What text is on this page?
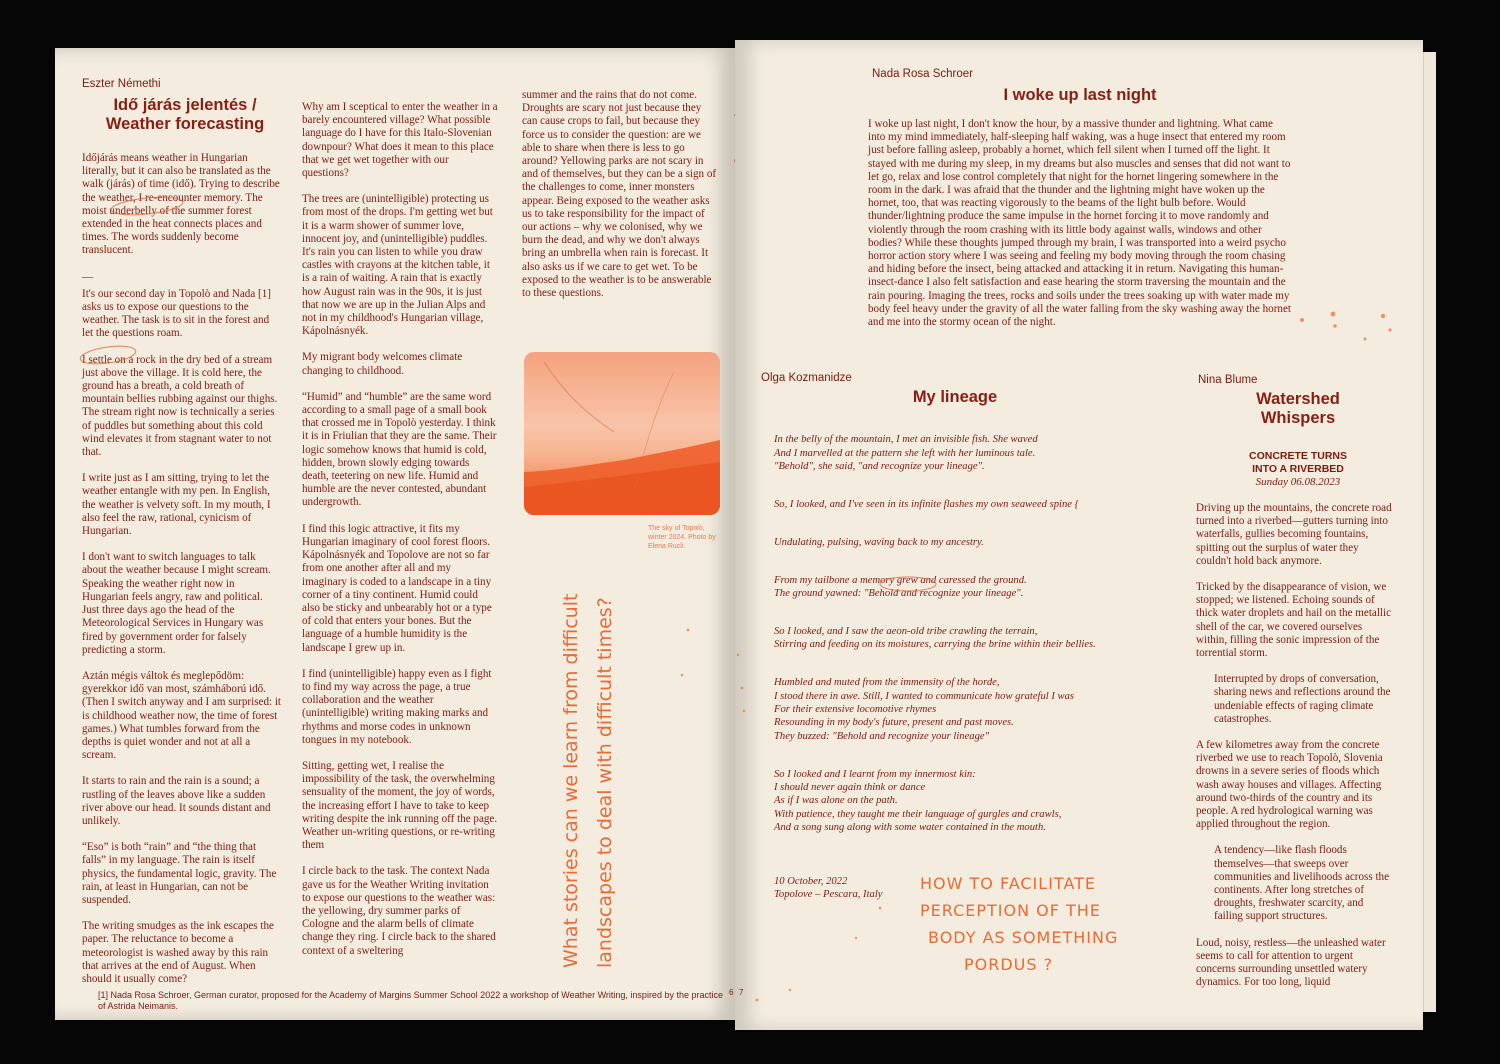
Eszter Némethi
Idő járás jelentés /
Weather forecasting

Időjárás means weather in Hungarian literally, but it can also be translated as the walk (járás) of time (idő). Trying to describe the weather, I re-encounter memory. The moist underbelly of the summer forest extended in the heat connects places and times. The words suddenly become translucent.

—

It's our second day in Topolò and Nada [1] asks us to expose our questions to the weather. The task is to sit in the forest and let the questions roam.

I settle on a rock in the dry bed of a stream just above the village. It is cold here, the ground has a breath, a cold breath of mountain bellies rubbing against our thighs. The stream right now is technically a series of puddles but something about this cold wind elevates it from stagnant water to not that.

I write just as I am sitting, trying to let the weather entangle with my pen. In English, the weather is velvety soft. In my mouth, I also feel the raw, rational, cynicism of Hungarian.

I don't want to switch languages to talk about the weather because I might scream. Speaking the weather right now in Hungarian feels angry, raw and political. Just three days ago the head of the Meteorological Services in Hungary was fired by government order for falsely predicting a storm.

Aztán mégis váltok és meglepődöm: gyerekkor idő van most, számháború idő. (Then I switch anyway and I am surprised: it is childhood weather now, the time of forest games.) What tumbles forward from the depths is quiet wonder and not at all a scream.

It starts to rain and the rain is a sound; a rustling of the leaves above like a sudden river above our head. It sounds distant and unlikely.

“Eso” is both “rain” and “the thing that falls” in my language. The rain is itself physics, the fundamental logic, gravity. The rain, at least in Hungarian, can not be suspended.

The writing smudges as the ink escapes the paper. The reluctance to become a meteorologist is washed away by this rain that arrives at the end of August. When should it usually come?

Why am I sceptical to enter the weather in a barely encountered village? What possible language do I have for this Italo-Slovenian downpour? What does it mean to this place that we get wet together with our questions?

The trees are (unintelligible) protecting us from most of the drops. I'm getting wet but it is a warm shower of summer love, innocent joy, and (unintelligible) puddles. It's rain you can listen to while you draw castles with crayons at the kitchen table, it is a rain of waiting. A rain that is exactly how August rain was in the 90s, it is just that now we are up in the Julian Alps and not in my childhood's Hungarian village, Kápolnásnyék.

My migrant body welcomes climate changing to childhood.

“Humid” and “humble” are the same word according to a small page of a small book that crossed me in Topolò yesterday. I think it is in Friulian that they are the same. Their logic somehow knows that humid is cold, hidden, brown slowly edging towards death, teetering on new life. Humid and humble are the never contested, abundant undergrowth.

I find this logic attractive, it fits my Hungarian imaginary of cool forest floors. Kápolnásnyék and Topolove are not so far from one another after all and my imaginary is coded to a landscape in a tiny corner of a tiny continent. Humid could also be sticky and unbearably hot or a type of cold that enters your bones. But the language of a humble humidity is the landscape I grew up in.

I find (unintelligible) happy even as I fight to find my way across the page, a true collaboration and the weather (unintelligible) writing making marks and rhythms and morse codes in unknown tongues in my notebook.

Sitting, getting wet, I realise the impossibility of the task, the overwhelming sensuality of the moment, the joy of words, the increasing effort I have to take to keep writing despite the ink running off the page. Weather un-writing questions, or re-writing them

I circle back to the task. The context Nada gave us for the Weather Writing invitation to expose our questions to the weather was: the yellowing, dry summer parks of Cologne and the alarm bells of climate change they ring. I circle back to the shared context of a sweltering

summer and the rains that do not come. Droughts are scary not just because they can cause crops to fail, but because they force us to consider the question: are we able to share when there is less to go around? Yellowing parks are not scary in and of themselves, but they can be a sign of the challenges to come, inner monsters appear. Being exposed to the weather asks us to take responsibility for the impact of our actions – why we colonised, why we burn the dead, and why we don't always bring an umbrella when rain is forecast. It also asks us if we care to get wet. To be exposed to the weather is to be answerable to these questions.

The sky of Topolò, winter 2024. Photo by Elena Rucli.
What stories can we learn from difficult landscapes to deal with difficult times?
[1] Nada Rosa Schroer, German curator, proposed for the Academy of Margins Summer School 2022 a workshop of Weather Writing, inspired by the practice of Astrida Neimanis.
6 7
Nada Rosa Schroer
I woke up last night

I woke up last night, I don't know the hour, by a massive thunder and lightning. What came into my mind immediately, half-sleeping half waking, was a huge insect that entered my room just before falling asleep, probably a hornet, which fell silent when I turned off the light. It stayed with me during my sleep, in my dreams but also muscles and senses that did not want to let go, relax and lose control completely that night for the hornet lingering somewhere in the room in the dark. I was afraid that the thunder and the lightning might have woken up the hornet, too, that was reacting vigorously to the beams of the light bulb before. Would thunder/lightning produce the same impulse in the hornet forcing it to move randomly and violently through the room crashing with its little body against walls, windows and other bodies? While these thoughts jumped through my brain, I was transported into a weird psycho horror action story where I was seeing and feeling my body moving through the room chasing and hiding before the insect, being attacked and attacking it in return. Navigating this human-insect-dance I also felt satisfaction and ease hearing the storm traversing the mountain and the rain pouring. Imaging the trees, rocks and soils under the trees soaking up with water made my body feel heavy under the gravity of all the water falling from the sky washing away the hornet and me into the stormy ocean of the night.

Olga Kozmanidze
My lineage

In the belly of the mountain, I met an invisible fish. She waved
And I marvelled at the pattern she left with her luminous tale.
"Behold", she said, "and recognize your lineage".

So, I looked, and I've seen in its infinite flashes my own seaweed spine {

Undulating, pulsing, waving back to my ancestry.

From my tailbone a memory grew and caressed the ground.
The ground yawned: "Behold and recognize your lineage".

So I looked, and I saw the aeon-old tribe crawling the terrain,
Stirring and feeding on its moistures, carrying the brine within their bellies.

Humbled and muted from the immensity of the horde,
I stood there in awe. Still, I wanted to communicate how grateful I was
For their extensive locomotive rhymes
Resounding in my body's future, present and past moves.
They buzzed: "Behold and recognize your lineage"

So I looked and I learnt from my innermost kin:
I should never again think or dance
As if I was alone on the path.
With patience, they taught me their language of gurgles and crawls,
And a song sung along with some water contained in the mouth.

10 October, 2022
Topolove – Pescara, Italy

HOW TO FACILITATE
PERCEPTION OF THE
BODY AS SOMETHING
PORDUS ?
Nina Blume
Watershed
Whispers
CONCRETE TURNS
INTO A RIVERBED
Sunday 06.08.2023

Driving up the mountains, the concrete road turned into a riverbed—gutters turning into waterfalls, gullies becoming fountains, spitting out the surplus of water they couldn't hold back anymore.

Tricked by the disappearance of vision, we stopped; we listened. Echoing sounds of thick water droplets and hail on the metallic shell of the car, we covered ourselves within, filling the sonic impression of the torrential storm.

Interrupted by drops of conversation, sharing news and reflections around the undeniable effects of raging climate catastrophes.

A few kilometres away from the concrete riverbed we use to reach Topolò, Slovenia drowns in a severe series of floods which wash away houses and villages. Affecting around two-thirds of the country and its people. A red hydrological warning was applied throughout the region.

A tendency—like flash floods themselves—that sweeps over communities and livelihoods across the continents. After long stretches of droughts, freshwater scarcity, and failing support structures.

Loud, noisy, restless—the unleashed water seems to call for attention to urgent concerns surrounding unsettled watery dynamics. For too long, liquid
